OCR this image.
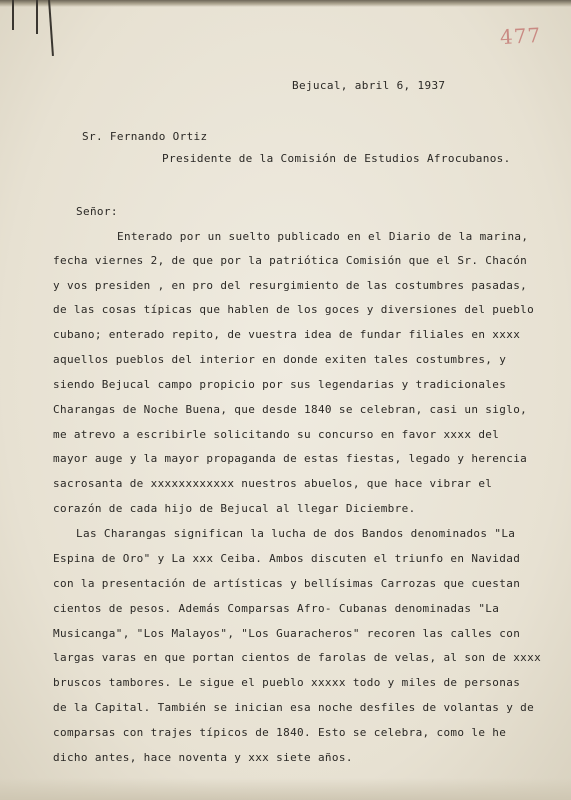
477
Bejucal, abril 6, 1937
Sr. Fernando Ortiz
Presidente de la Comisión de Estudios Afrocubanos.
Señor:
Enterado por un suelto publicado en el Diario de la marina,
fecha viernes 2, de que por la patriótica Comisión que el Sr. Chacón
y vos presiden , en pro del resurgimiento de las costumbres pasadas,
de las cosas típicas que hablen de los goces y diversiones del pueblo
cubano; enterado repito, de vuestra idea de fundar filiales en xxxx
aquellos pueblos del interior en donde exiten tales costumbres, y
siendo Bejucal campo propicio por sus legendarias y tradicionales
Charangas de Noche Buena, que desde 1840 se celebran, casi un siglo,
me atrevo a escribirle solicitando su concurso en favor xxxx del
mayor auge y la mayor propaganda de estas fiestas, legado y herencia
sacrosanta de xxxxxxxxxxxx nuestros abuelos, que hace vibrar el
corazón de cada hijo de Bejucal al llegar Diciembre.
Las Charangas significan la lucha de dos Bandos denominados "La
Espina de Oro" y La xxx Ceiba. Ambos discuten el triunfo en Navidad
con la presentación de artísticas y bellísimas Carrozas que cuestan
cientos de pesos. Además Comparsas Afro- Cubanas denominadas "La
Musicanga", "Los Malayos", "Los Guaracheros" recoren las calles con
largas varas en que portan cientos de farolas de velas, al son de xxxx
bruscos tambores. Le sigue el pueblo xxxxx todo y miles de personas
de la Capital. También se inician esa noche desfiles de volantas y de
comparsas con trajes típicos de 1840. Esto se celebra, como le he
dicho antes, hace noventa y xxx siete años.
